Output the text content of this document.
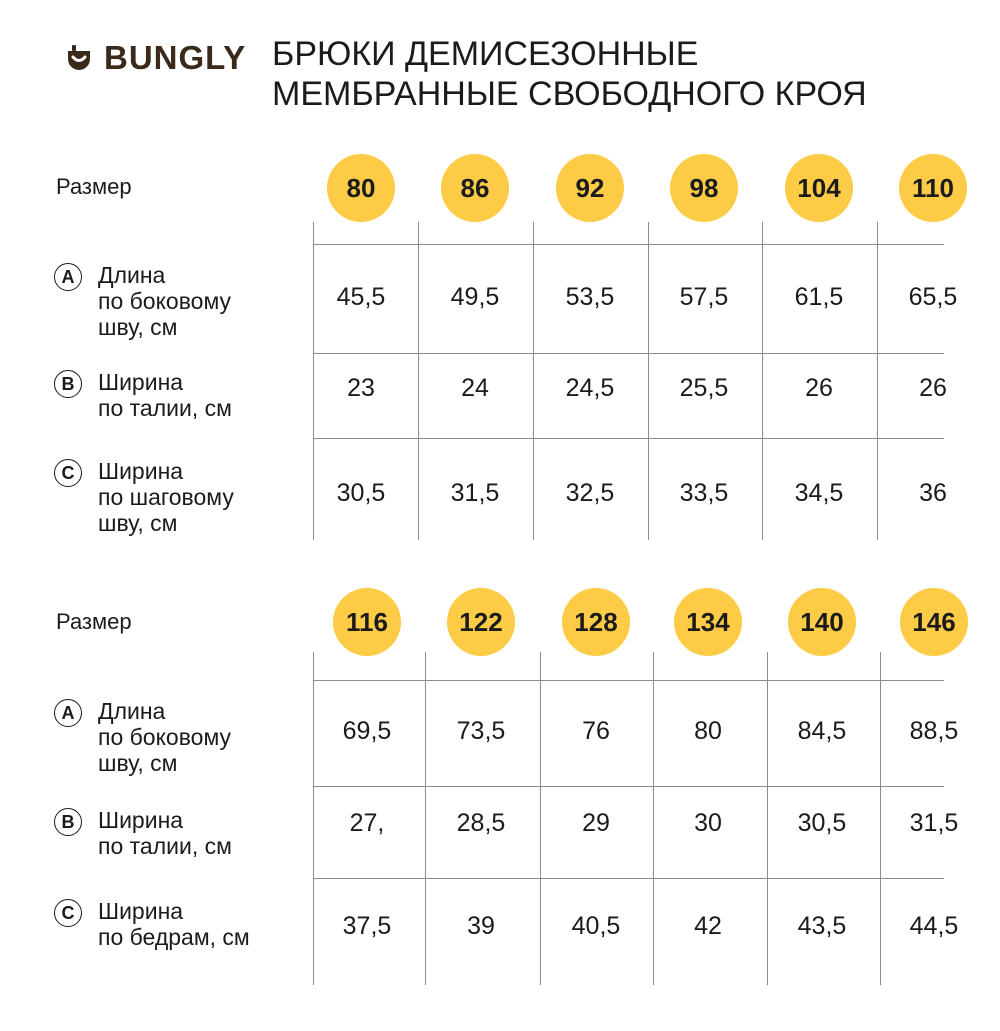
BUNGLY БРЮКИ ДЕМИСЕЗОННЫЕ
МЕМБРАННЫЕ СВОБОДНОГО КРОЯ
Размер	80	86	92	98	104	110
A	Длина
по боковому
шву, см
45,5	49,5	53,5	57,5	61,5	65,5
B	Ширина
по талии, см
23	24	24,5	25,5	26	26
C	Ширина
по шаговому
шву, см
30,5	31,5	32,5	33,5	34,5	36
Размер	116	122	128	134	140	146
A	Длина
по боковому
шву, см
69,5	73,5	76	80	84,5	88,5
B	Ширина
по талии, см
27,	28,5	29	30	30,5	31,5
C	Ширина
по бедрам, см	37,5	39	40,5	42	43,5	44,5
